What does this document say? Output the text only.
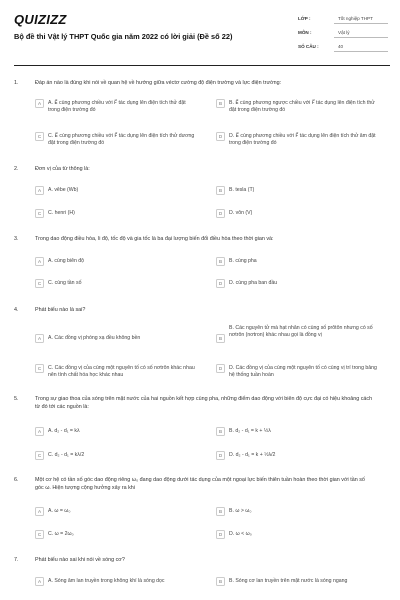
QUIZIZZ
Bộ đề thi Vật lý THPT Quốc gia năm 2022 có lời giải (Đề số 22)
LỚP :	Tốt nghiệp THPT
MÔN :	Vật lý
SỐ CÂU :	40
1.	Đáp án nào là đúng khi nói về quan hệ về hướng giữa véctơ cường độ điện trường và lực điện trường:
A	A. E⃗ cùng phương chiều với F⃗ tác dụng lên điện tích thử đặt trong điện trường đó
B	B. E⃗ cùng phương ngược chiều với F⃗ tác dụng lên điện tích thử đặt trong điện trường đó
C	C. E⃗ cùng phương chiều với F⃗ tác dụng lên điện tích thử dương đặt trong điện trường đó
D	D. E⃗ cùng phương chiều với F⃗ tác dụng lên điện tích thử âm đặt trong điện trường đó
2.	Đơn vị của từ thông là:
A	A. vêbe (Wb)	B	B. tesla (T)
C	C. henri (H)	D	D. vôn (V)
3.	Trong dao động điều hòa, li độ, tốc độ và gia tốc là ba đại lượng biến đổi điều hòa theo thời gian và:
A	A. cùng biên độ	B	B. cùng pha
C	C. cùng tần số	D	D. cùng pha ban đầu
4.	Phát biểu nào là sai?
A	A. Các đồng vị phóng xạ đều không bền	B
B. Các nguyên tử mà hạt nhân có cùng số prôtôn nhưng có số nơtrôn (nơtron) khác nhau gọi là đồng vị
C	C. Các đồng vị của cùng một nguyên tố có số nơtrôn khác nhau nên tính chất hóa học khác nhau
D	D. Các đồng vị của cùng một nguyên tố có cùng vị trí trong bảng hệ thống tuần hoàn
5.	Trong sự giao thoa của sóng trên mặt nước của hai nguồn kết hợp cùng pha, những điểm dao động với biên độ cực đại có hiệu khoảng cách từ đó tới các nguồn là:
A	A. d₂ - d₁ = kλ	B	B. d₂ - d₁ = k + ½λ
C	C. d₂ - d₁ = kλ/2	D	D. d₂ - d₁ = k + ½λ/2
6.	Một cơ hệ có tần số góc dao động riêng ω₀ đang dao động dưới tác dụng của một ngoại lực biến thiên tuần hoàn theo thời gian với tần số góc ω. Hiện tượng cộng hưởng xảy ra khi
A	A. ω = ω₀	B	B. ω > ω₀
C	C. ω = 2ω₀	D	D. ω < ω₀
7.	Phát biểu nào sai khi nói về sóng cơ?
A	A. Sóng âm lan truyền trong không khí là sóng dọc	B	B. Sóng cơ lan truyền trên mặt nước là sóng ngang
